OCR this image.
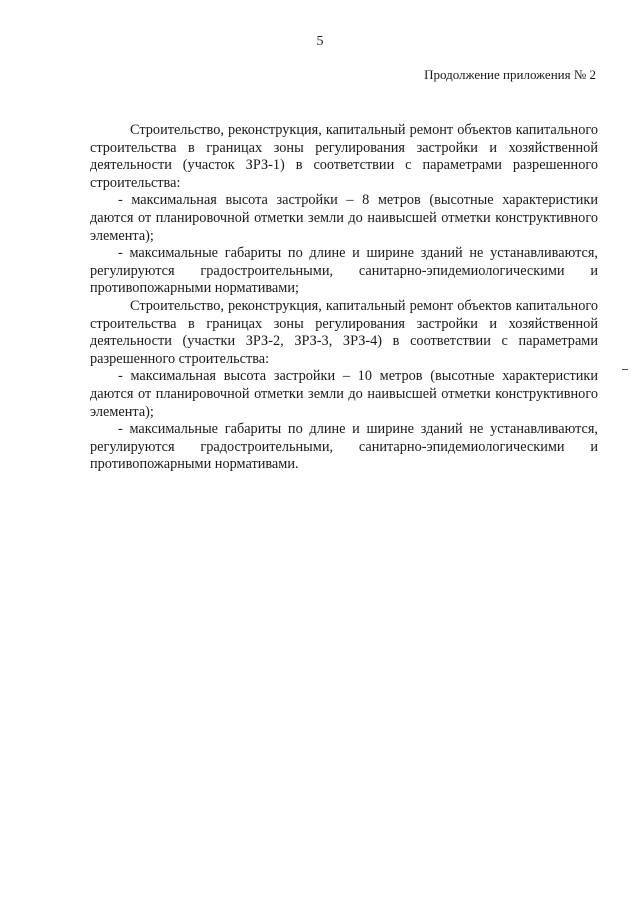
5
Продолжение приложения № 2

Строительство, реконструкция, капитальный ремонт объектов капитального строительства в границах зоны регулирования застройки и хозяйственной деятельности (участок ЗРЗ-1) в соответствии с параметрами разрешенного строительства:

- максимальная высота застройки – 8 метров (высотные характеристики даются от планировочной отметки земли до наивысшей отметки конструктивного элемента);

- максимальные габариты по длине и ширине зданий не устанавливаются, регулируются градостроительными, санитарно-эпидемиологическими и противопожарными нормативами;

Строительство, реконструкция, капитальный ремонт объектов капитального строительства в границах зоны регулирования застройки и хозяйственной деятельности (участки ЗРЗ-2, ЗРЗ-3, ЗРЗ-4) в соответствии с параметрами разрешенного строительства:

- максимальная высота застройки – 10 метров (высотные характеристики даются от планировочной отметки земли до наивысшей отметки конструктивного элемента);

- максимальные габариты по длине и ширине зданий не устанавливаются, регулируются градостроительными, санитарно-эпидемиологическими и противопожарными нормативами.
